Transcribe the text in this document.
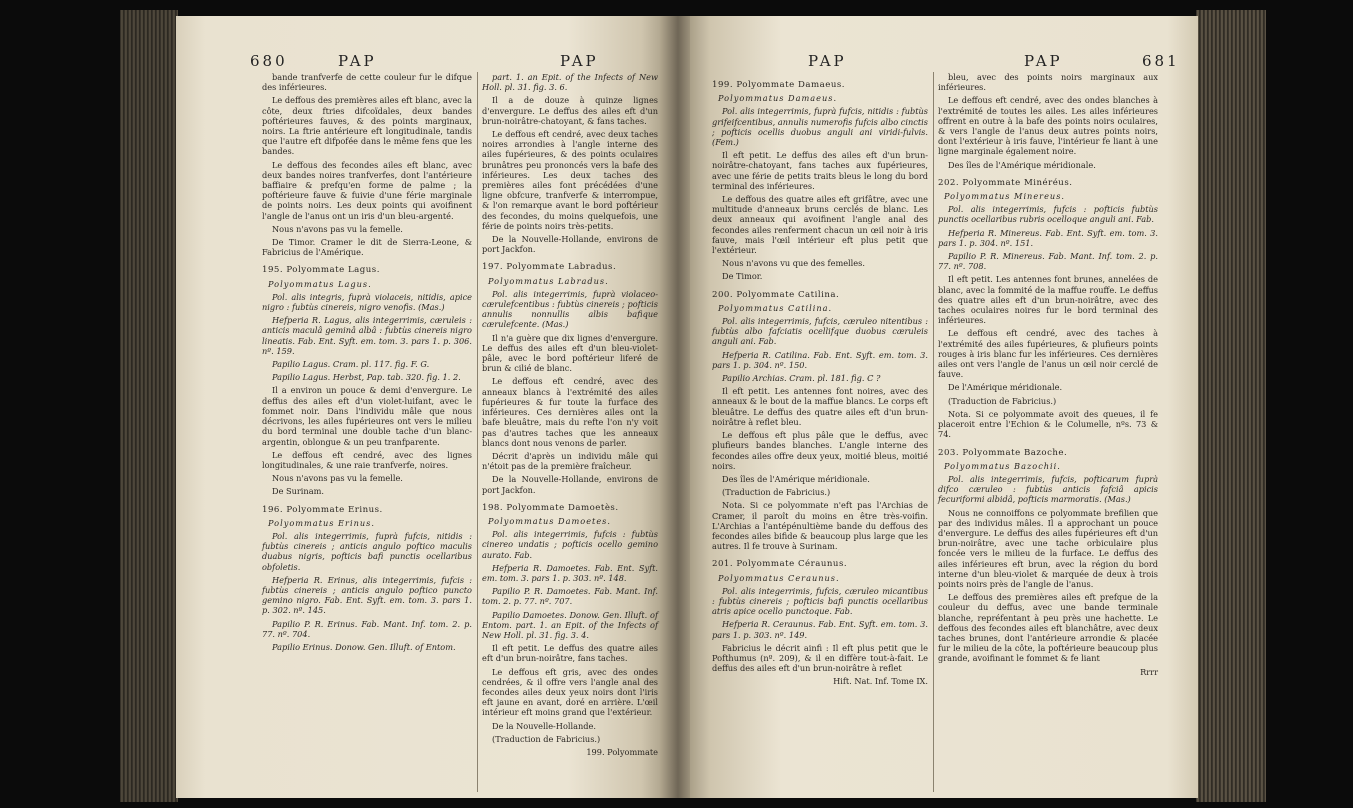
680	PAP	PAP

bande tranfverfe de cette couleur fur le difque des inférieures.

Le deffous des premières ailes eft blanc, avec la côte, deux ftries difcoïdales, deux bandes poftérieures fauves, & des points marginaux, noirs. La ftrie antérieure eft longitudinale, tandis que l'autre eft difpofée dans le même fens que les bandes.

Le deffous des fecondes ailes eft blanc, avec deux bandes noires tranfverfes, dont l'antérieure baffiaire & prefqu'en forme de palme ; la poftérieure fauve & fuivie d'une férie marginale de points noirs. Les deux points qui avoifinent l'angle de l'anus ont un iris d'un bleu-argenté.

Nous n'avons pas vu la femelle.

De Timor. Cramer le dit de Sierra-Leone, & Fabricius de l'Amérique.

195. Polyommate Lagus.
Polyommatus Lagus.

Pol. alis integris, fuprà violaceis, nitidis, apice nigro : fubtùs cinereis, nigro venofis. (Mas.)

Hefperia R. Lagus, alis integerrimis, cæruleis : anticis maculâ geminâ albâ : fubtùs cinereis nigro lineatis. Fab. Ent. Syft. em. tom. 3. pars 1. p. 306. nº. 159.

Papilio Lagus. Cram. pl. 117. fig. F. G.

Papilio Lagus. Herbst, Pap. tab. 320. fig. 1. 2.

Il a environ un pouce & demi d'envergure. Le deffus des ailes eft d'un violet-luifant, avec le fommet noir. Dans l'individu mâle que nous décrivons, les ailes fupérieures ont vers le milieu du bord terminal une double tache d'un blanc-argentin, oblongue & un peu tranfparente.

Le deffous eft cendré, avec des lignes longitudinales, & une raie tranfverfe, noires.

Nous n'avons pas vu la femelle.

De Surinam.

196. Polyommate Erinus.
Polyommatus Erinus.

Pol. alis integerrimis, fuprà fufcis, nitidis : fubtùs cinereis ; anticis angulo poftico maculis duabus nigris, pofticis bafi punctis ocellaribus obfoletis.

Hefperia R. Erinus, alis integerrimis, fufcis : fubtùs cinereis ; anticis angulo poftico puncto gemino nigro. Fab. Ent. Syft. em. tom. 3. pars 1. p. 302. nº. 145.

Papilio P. R. Erinus. Fab. Mant. Inf. tom. 2. p. 77. nº. 704.

Papilio Erinus. Donow. Gen. Illuft. of Entom.

part. 1. an Epit. of the Infects of New Holl. pl. 31. fig. 3. 6.

Il a de douze à quinze lignes d'envergure. Le deffus des ailes eft d'un brun-noirâtre-chatoyant, & fans taches.

Le deffous eft cendré, avec deux taches noires arrondies à l'angle interne des ailes fupérieures, & des points oculaires brunâtres peu prononcés vers la bafe des inférieures. Les deux taches des premières ailes font précédées d'une ligne obfcure, tranfverfe & interrompue, & l'on remarque avant le bord poftérieur des fecondes, du moins quelquefois, une férie de points noirs très-petits.

De la Nouvelle-Hollande, environs de port Jackfon.

197. Polyommate Labradus.
Polyommatus Labradus.

Pol. alis integerrimis, fuprà violaceo-cærulefcentibus : fubtùs cinereis ; pofticis annulis nonnullis albis bafique cærulefcente. (Mas.)

Il n'a guère que dix lignes d'envergure. Le deffus des ailes eft d'un bleu-violet-pâle, avec le bord poftérieur liferé de brun & cilié de blanc.

Le deffous eft cendré, avec des anneaux blancs à l'extrémité des ailes fupérieures & fur toute la furface des inférieures. Ces dernières ailes ont la bafe bleuâtre, mais du refte l'on n'y voit pas d'autres taches que les anneaux blancs dont nous venons de parler.

Décrit d'après un individu mâle qui n'étoit pas de la première fraîcheur.

De la Nouvelle-Hollande, environs de port Jackfon.

198. Polyommate Damoetès.
Polyommatus Damoetes.

Pol. alis integerrimis, fufcis : fubtùs cinereo undatis ; pofticis ocello gemino aurato. Fab.

Hefperia R. Damoetes. Fab. Ent. Syft. em. tom. 3. pars 1. p. 303. nº. 148.

Papilio P. R. Damoetes. Fab. Mant. Inf. tom. 2. p. 77. nº. 707.

Papilio Damoetes. Donow. Gen. Illuft. of Entom. part. 1. an Epit. of the Infects of New Holl. pl. 31. fig. 3. 4.

Il eft petit. Le deffus des quatre ailes eft d'un brun-noirâtre, fans taches.

Le deffous eft gris, avec des ondes cendrées, & il offre vers l'angle anal des fecondes ailes deux yeux noirs dont l'iris eft jaune en avant, doré en arrière. L'œil intérieur eft moins grand que l'extérieur.

De la Nouvelle-Hollande.

(Traduction de Fabricius.)

199. Polyommate

PAP	PAP	681
199. Polyommate Damaeus.
Polyommatus Damaeus.

Pol. alis integerrimis, fuprà fufcis, nitidis : fubtùs grifeifcentibus, annulis numerofis fufcis albo cinctis ; pofticis ocellis duobus anguli ani viridi-fulvis. (Fem.)

Il eft petit. Le deffus des ailes eft d'un brun-noirâtre-chatoyant, fans taches aux fupérieures, avec une férie de petits traits bleus le long du bord terminal des inférieures.

Le deffous des quatre ailes eft grifâtre, avec une multitude d'anneaux bruns cerclés de blanc. Les deux anneaux qui avoifinent l'angle anal des fecondes ailes renferment chacun un œil noir à iris fauve, mais l'œil intérieur eft plus petit que l'extérieur.

Nous n'avons vu que des femelles.

De Timor.

200. Polyommate Catilina.
Polyommatus Catilina.

Pol. alis integerrimis, fufcis, cæruleo nitentibus : fubtùs albo fafciatis ocellifque duobus cæruleis anguli ani. Fab.

Hefperia R. Catilina. Fab. Ent. Syft. em. tom. 3. pars 1. p. 304. nº. 150.

Papilio Archias. Cram. pl. 181. fig. C ?

Il eft petit. Les antennes font noires, avec des anneaux & le bout de la maffue blancs. Le corps eft bleuâtre. Le deffus des quatre ailes eft d'un brun-noirâtre à reflet bleu.

Le deffous eft plus pâle que le deffus, avec plufieurs bandes blanches. L'angle interne des fecondes ailes offre deux yeux, moitié bleus, moitié noirs.

Des îles de l'Amérique méridionale.

(Traduction de Fabricius.)

Nota. Si ce polyommate n'eft pas l'Archias de Cramer, il paroît du moins en être très-voifin. L'Archias a l'antépénultième bande du deffous des fecondes ailes bifide & beaucoup plus large que les autres. Il fe trouve à Surinam.

201. Polyommate Céraunus.
Polyommatus Ceraunus.

Pol. alis integerrimis, fufcis, cæruleo micantibus : fubtùs cinereis ; pofticis bafi punctis ocellaribus atris apice ocello punctoque. Fab.

Hefperia R. Ceraunus. Fab. Ent. Syft. em. tom. 3. pars 1. p. 303. nº. 149.

Fabricius le décrit ainfi : Il eft plus petit que le Pofthumus (nº. 209), & il en diffère tout-à-fait. Le deffus des ailes eft d'un brun-noirâtre à reflet

Hift. Nat. Inf. Tome IX.

bleu, avec des points noirs marginaux aux inférieures.

Le deffous eft cendré, avec des ondes blanches à l'extrémité de toutes les ailes. Les ailes inférieures offrent en outre à la bafe des points noirs oculaires, & vers l'angle de l'anus deux autres points noirs, dont l'extérieur à iris fauve, l'intérieur fe liant à une ligne marginale également noire.

Des îles de l'Amérique méridionale.

202. Polyommate Minéréus.
Polyommatus Minereus.

Pol. alis integerrimis, fufcis : pofticis fubtùs punctis ocellaribus rubris ocelloque anguli ani. Fab.

Hefperia R. Minereus. Fab. Ent. Syft. em. tom. 3. pars 1. p. 304. nº. 151.

Papilio P. R. Minereus. Fab. Mant. Inf. tom. 2. p. 77. nº. 708.

Il eft petit. Les antennes font brunes, annelées de blanc, avec la fommité de la maffue rouffe. Le deffus des quatre ailes eft d'un brun-noirâtre, avec des taches oculaires noires fur le bord terminal des inférieures.

Le deffous eft cendré, avec des taches à l'extrémité des ailes fupérieures, & plufieurs points rouges à iris blanc fur les inférieures. Ces dernières ailes ont vers l'angle de l'anus un œil noir cerclé de fauve.

De l'Amérique méridionale.

(Traduction de Fabricius.)

Nota. Si ce polyommate avoit des queues, il fe placeroit entre l'Echion & le Columelle, nºs. 73 & 74.

203. Polyommate Bazoche.
Polyommatus Bazochii.

Pol. alis integerrimis, fufcis, pofticarum fuprà difco cæruleo : fubtùs anticis fafciâ apicis fecuriformi albidâ, pofticis marmoratis. (Mas.)

Nous ne connoiffons ce polyommate brefilien que par des individus mâles. Il a approchant un pouce d'envergure. Le deffus des ailes fupérieures eft d'un brun-noirâtre, avec une tache orbiculaire plus foncée vers le milieu de la furface. Le deffus des ailes inférieures eft brun, avec la région du bord interne d'un bleu-violet & marquée de deux à trois points noirs près de l'angle de l'anus.

Le deffous des premières ailes eft prefque de la couleur du deffus, avec une bande terminale blanche, repréfentant à peu près une hachette. Le deffous des fecondes ailes eft blanchâtre, avec deux taches brunes, dont l'antérieure arrondie & placée fur le milieu de la côte, la poftérieure beaucoup plus grande, avoifinant le fommet & fe liant

Rrrr
